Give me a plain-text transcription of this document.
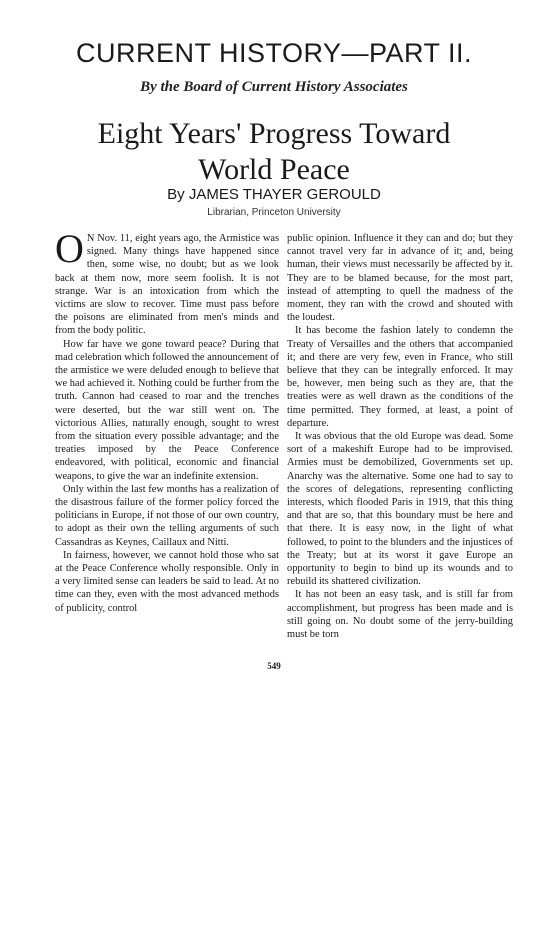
CURRENT HISTORY—PART II.
By the Board of Current History Associates
Eight Years' Progress Toward
World Peace
By JAMES THAYER GEROULD
Librarian, Princeton University

O N Nov. 11, eight years ago, the Armistice was signed. Many things have happened since then, some wise, no doubt; but as we look back at them now, more seem foolish. It is not strange. War is an intoxication from which the victims are slow to recover. Time must pass before the poisons are eliminated from men's minds and from the body politic.

How far have we gone toward peace? During that mad celebration which followed the announcement of the armistice we were deluded enough to believe that we had achieved it. Nothing could be further from the truth. Cannon had ceased to roar and the trenches were deserted, but the war still went on. The victorious Allies, naturally enough, sought to wrest from the situation every possible advantage; and the treaties imposed by the Peace Conference endeavored, with political, economic and financial weapons, to give the war an indefinite extension.

Only within the last few months has a realization of the disastrous failure of the former policy forced the politicians in Europe, if not those of our own country, to adopt as their own the telling arguments of such Cassandras as Keynes, Caillaux and Nitti.

In fairness, however, we cannot hold those who sat at the Peace Conference wholly responsible. Only in a very limited sense can leaders be said to lead. At no time can they, even with the most advanced methods of publicity, control

public opinion. Influence it they can and do; but they cannot travel very far in advance of it; and, being human, their views must necessarily be affected by it. They are to be blamed because, for the most part, instead of attempting to quell the madness of the moment, they ran with the crowd and shouted with the loudest.

It has become the fashion lately to condemn the Treaty of Versailles and the others that accompanied it; and there are very few, even in France, who still believe that they can be integrally enforced. It may be, however, men being such as they are, that the treaties were as well drawn as the conditions of the time permitted. They formed, at least, a point of departure.

It was obvious that the old Europe was dead. Some sort of a makeshift Europe had to be improvised. Armies must be demobilized, Governments set up. Anarchy was the alternative. Some one had to say to the scores of delegations, representing conflicting interests, which flooded Paris in 1919, that this thing and that are so, that this boundary must be here and that there. It is easy now, in the light of what followed, to point to the blunders and the injustices of the Treaty; but at its worst it gave Europe an opportunity to begin to bind up its wounds and to rebuild its shattered civilization.

It has not been an easy task, and is still far from accomplishment, but progress has been made and is still going on. No doubt some of the jerry-building must be torn

549
